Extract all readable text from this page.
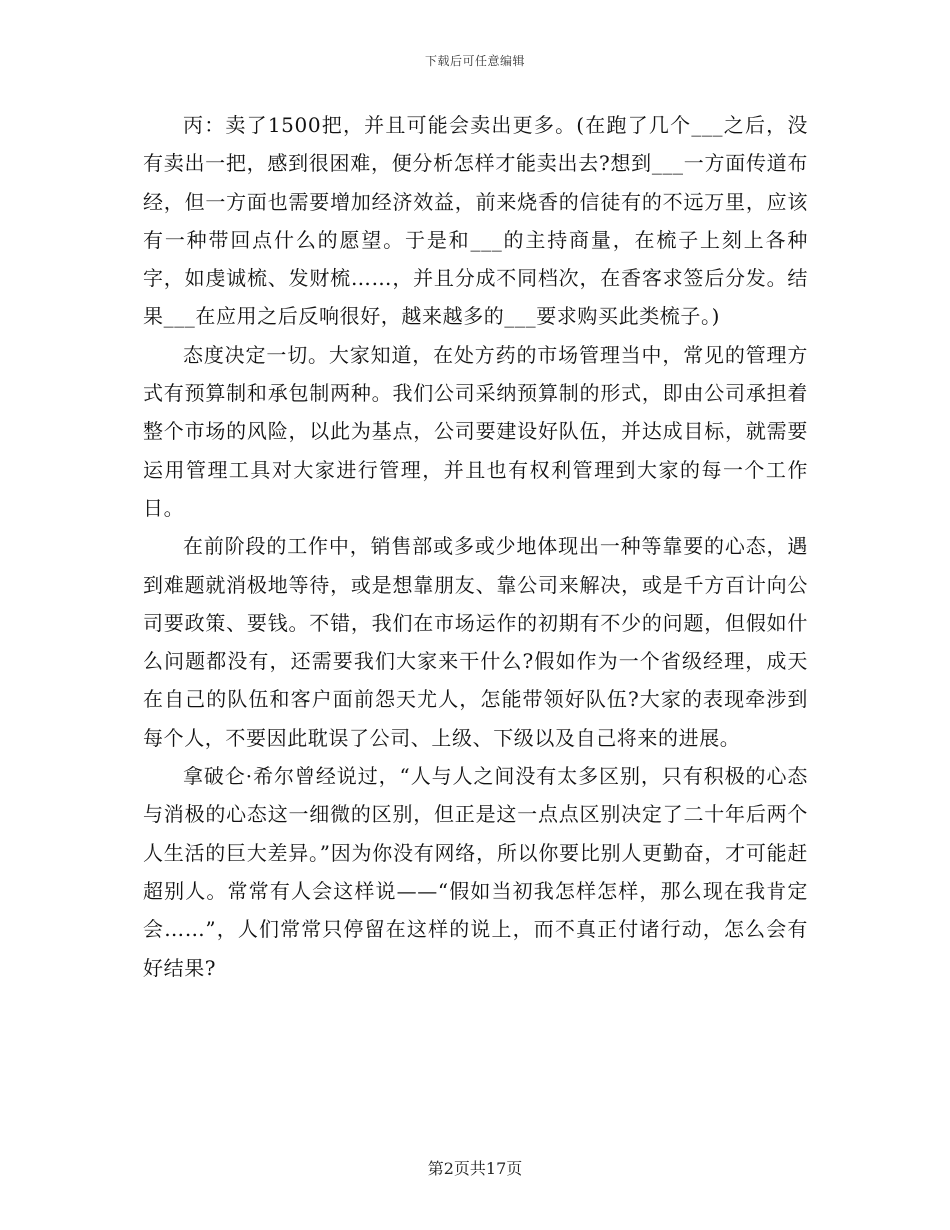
下载后可任意编辑

丙：卖了1500把，并且可能会卖出更多。(在跑了几个___之后，没有卖出一把，感到很困难，便分析怎样才能卖出去?想到___一方面传道布经，但一方面也需要增加经济效益，前来烧香的信徒有的不远万里，应该有一种带回点什么的愿望。于是和___的主持商量，在梳子上刻上各种字，如虔诚梳、发财梳……，并且分成不同档次，在香客求签后分发。结果___在应用之后反响很好，越来越多的___要求购买此类梳子。)

态度决定一切。大家知道，在处方药的市场管理当中，常见的管理方式有预算制和承包制两种。我们公司采纳预算制的形式，即由公司承担着整个市场的风险，以此为基点，公司要建设好队伍，并达成目标，就需要运用管理工具对大家进行管理，并且也有权利管理到大家的每一个工作日。

在前阶段的工作中，销售部或多或少地体现出一种等靠要的心态，遇到难题就消极地等待，或是想靠朋友、靠公司来解决，或是千方百计向公司要政策、要钱。不错，我们在市场运作的初期有不少的问题，但假如什么问题都没有，还需要我们大家来干什么?假如作为一个省级经理，成天在自己的队伍和客户面前怨天尤人，怎能带领好队伍?大家的表现牵涉到每个人，不要因此耽误了公司、上级、下级以及自己将来的进展。

拿破仑·希尔曾经说过，“人与人之间没有太多区别，只有积极的心态与消极的心态这一细微的区别，但正是这一点点区别决定了二十年后两个人生活的巨大差异。”因为你没有网络，所以你要比别人更勤奋，才可能赶超别人。常常有人会这样说——“假如当初我怎样怎样，那么现在我肯定会……”，人们常常只停留在这样的说上，而不真正付诸行动，怎么会有好结果?

第2页共17页
